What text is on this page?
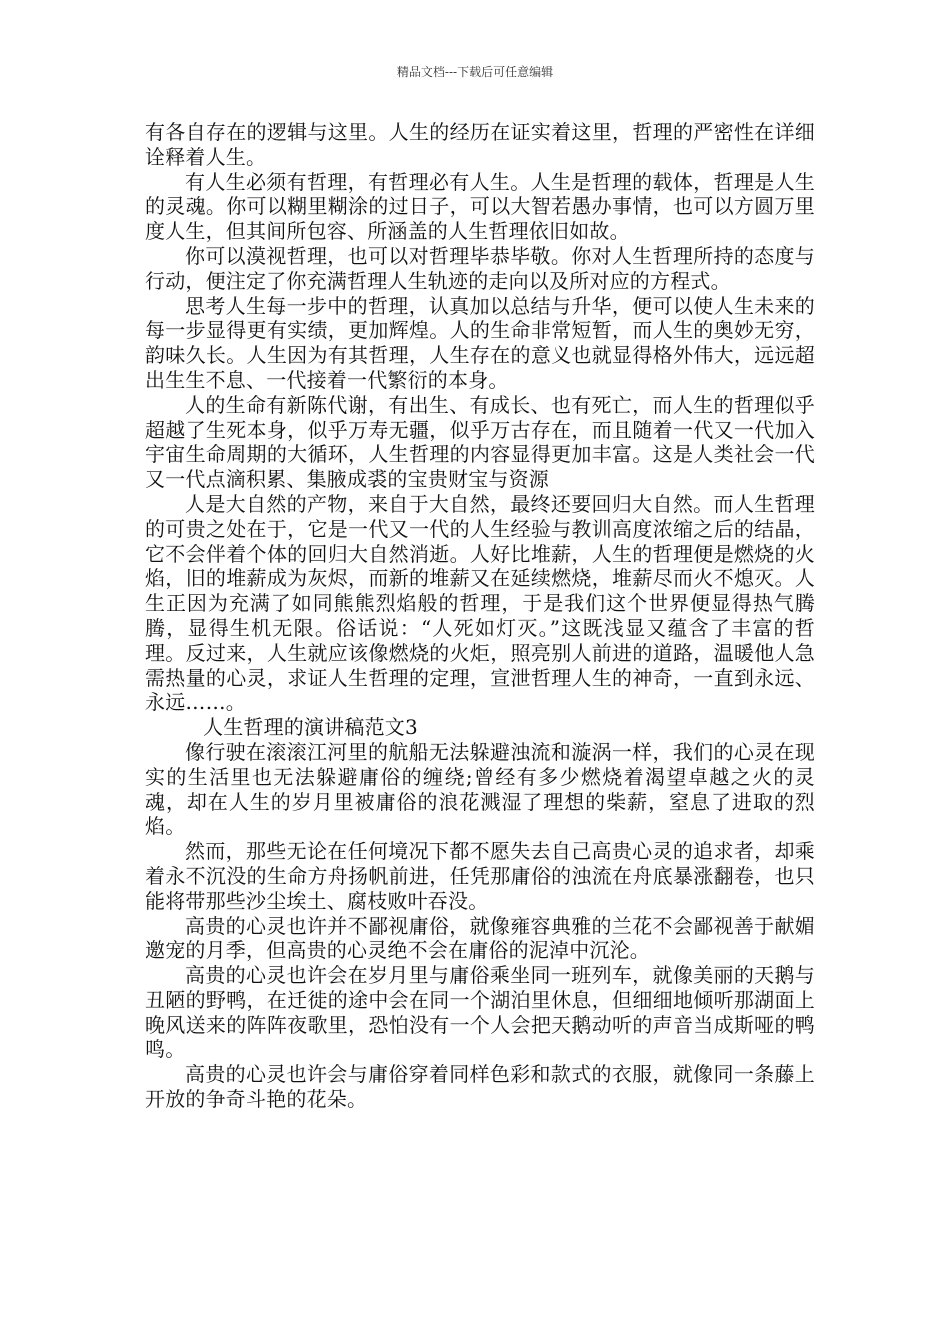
精品文档---下载后可任意编辑

有各自存在的逻辑与这里。人生的经历在证实着这里，哲理的严密性在详细诠释着人生。

有人生必须有哲理，有哲理必有人生。人生是哲理的载体，哲理是人生的灵魂。你可以糊里糊涂的过日子，可以大智若愚办事情，也可以方圆万里度人生，但其间所包容、所涵盖的人生哲理依旧如故。

你可以漠视哲理，也可以对哲理毕恭毕敬。你对人生哲理所持的态度与行动，便注定了你充满哲理人生轨迹的走向以及所对应的方程式。

思考人生每一步中的哲理，认真加以总结与升华，便可以使人生未来的每一步显得更有实绩，更加辉煌。人的生命非常短暂，而人生的奥妙无穷，韵味久长。人生因为有其哲理，人生存在的意义也就显得格外伟大，远远超出生生不息、一代接着一代繁衍的本身。

人的生命有新陈代谢，有出生、有成长、也有死亡，而人生的哲理似乎超越了生死本身，似乎万寿无疆，似乎万古存在，而且随着一代又一代加入宇宙生命周期的大循环，人生哲理的内容显得更加丰富。这是人类社会一代又一代点滴积累、集腋成裘的宝贵财宝与资源

人是大自然的产物，来自于大自然，最终还要回归大自然。而人生哲理的可贵之处在于，它是一代又一代的人生经验与教训高度浓缩之后的结晶，它不会伴着个体的回归大自然消逝。人好比堆薪，人生的哲理便是燃烧的火焰，旧的堆薪成为灰烬，而新的堆薪又在延续燃烧，堆薪尽而火不熄灭。人生正因为充满了如同熊熊烈焰般的哲理，于是我们这个世界便显得热气腾腾，显得生机无限。俗话说：“人死如灯灭。”这既浅显又蕴含了丰富的哲理。反过来，人生就应该像燃烧的火炬，照亮别人前进的道路，温暖他人急需热量的心灵，求证人生哲理的定理，宣泄哲理人生的神奇，一直到永远、永远……。

人生哲理的演讲稿范文3

像行驶在滚滚江河里的航船无法躲避浊流和漩涡一样，我们的心灵在现实的生活里也无法躲避庸俗的缠绕;曾经有多少燃烧着渴望卓越之火的灵魂，却在人生的岁月里被庸俗的浪花溅湿了理想的柴薪，窒息了进取的烈焰。

然而，那些无论在任何境况下都不愿失去自己高贵心灵的追求者，却乘着永不沉没的生命方舟扬帆前进，任凭那庸俗的浊流在舟底暴涨翻卷，也只能将带那些沙尘埃土、腐枝败叶吞没。

高贵的心灵也许并不鄙视庸俗，就像雍容典雅的兰花不会鄙视善于献媚邀宠的月季，但高贵的心灵绝不会在庸俗的泥淖中沉沦。

高贵的心灵也许会在岁月里与庸俗乘坐同一班列车，就像美丽的天鹅与丑陋的野鸭，在迁徙的途中会在同一个湖泊里休息，但细细地倾听那湖面上晚风送来的阵阵夜歌里，恐怕没有一个人会把天鹅动听的声音当成斯哑的鸭鸣。

高贵的心灵也许会与庸俗穿着同样色彩和款式的衣服，就像同一条藤上开放的争奇斗艳的花朵。
